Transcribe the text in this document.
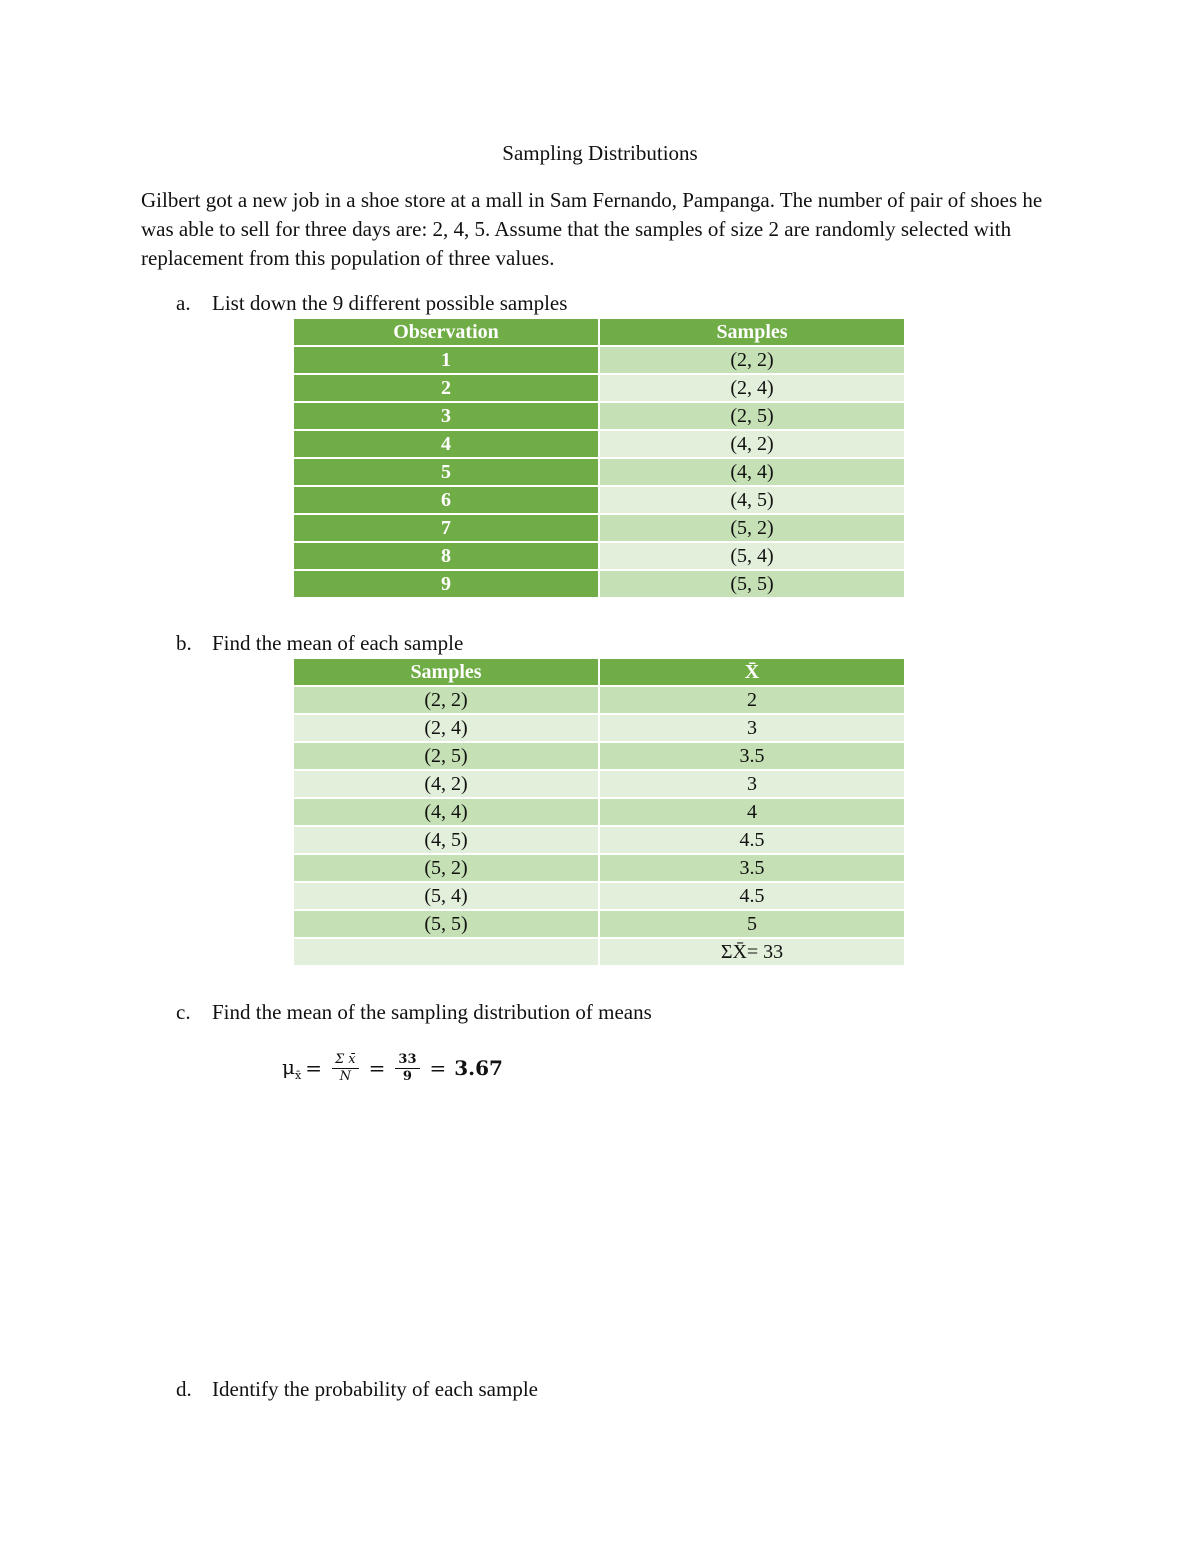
Sampling Distributions
Gilbert got a new job in a shoe store at a mall in Sam Fernando, Pampanga. The number of pair of shoes he was able to sell for three days are: 2, 4, 5. Assume that the samples of size 2 are randomly selected with replacement from this population of three values.
a. List down the 9 different possible samples
Observation	Samples
1	(2, 2)
2	(2, 4)
3	(2, 5)
4	(4, 2)
5	(4, 4)
6	(4, 5)
7	(5, 2)
8	(5, 4)
9	(5, 5)
b. Find the mean of each sample
Samples	X̄
(2, 2)	2
(2, 4)	3
(2, 5)	3.5
(4, 2)	3
(4, 4)	4
(4, 5)	4.5
(5, 2)	3.5
(5, 4)	4.5
(5, 5)	5
	ΣX̄= 33
c. Find the mean of the sampling distribution of means
$\mu_{x̄} = \frac{\text{Σ x̄}}{N} = \frac{33}{9} = 3.67$
d. Identify the probability of each sample
